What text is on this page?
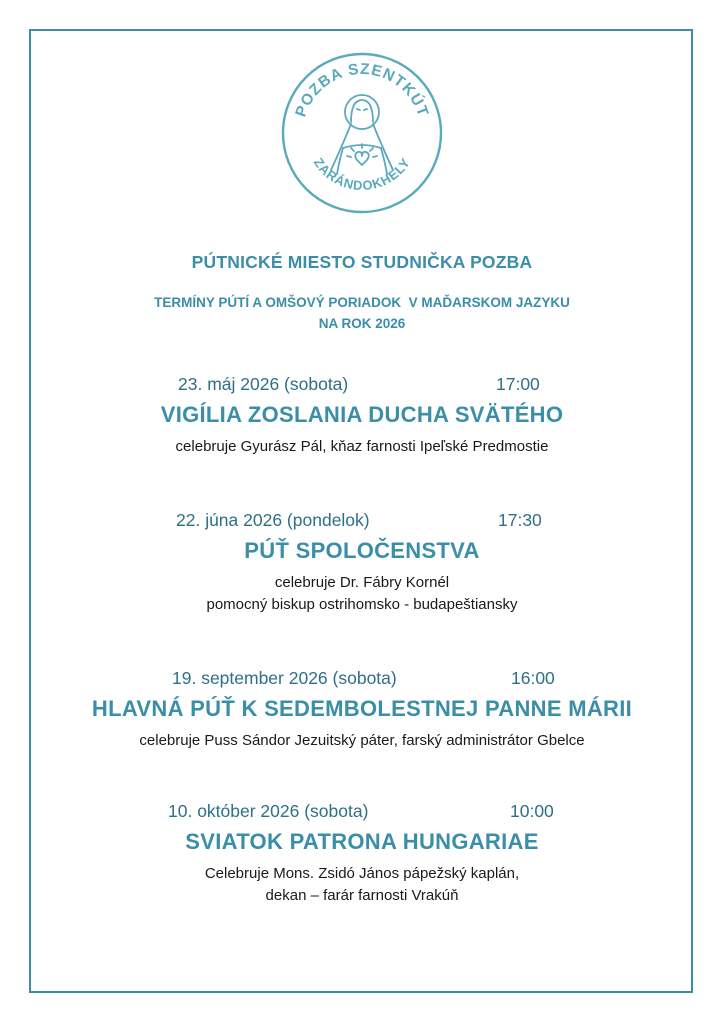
POZBA SZENTKÚT
ZARÁNDOKHELY
PÚTNICKÉ MIESTO STUDNIČKA POZBA
TERMÍNY PÚTÍ A OMŠOVÝ PORIADOK  V MAĎARSKOM JAZYKU
NA ROK 2026
23. máj 2026 (sobota)	17:00
VIGÍLIA ZOSLANIA DUCHA SVÄTÉHO
celebruje Gyurász Pál, kňaz farnosti Ipeľské Predmostie
22. júna 2026 (pondelok)	17:30
PÚŤ SPOLOČENSTVA
celebruje Dr. Fábry Kornél
pomocný biskup ostrihomsko - budapeštiansky
19. september 2026 (sobota)	16:00
HLAVNÁ PÚŤ K SEDEMBOLESTNEJ PANNE MÁRII
celebruje Puss Sándor Jezuitský páter, farský administrátor Gbelce
10. október 2026 (sobota)	10:00
SVIATOK PATRONA HUNGARIAE
Celebruje Mons. Zsidó János pápežský kaplán,
dekan – farár farnosti Vrakúň
